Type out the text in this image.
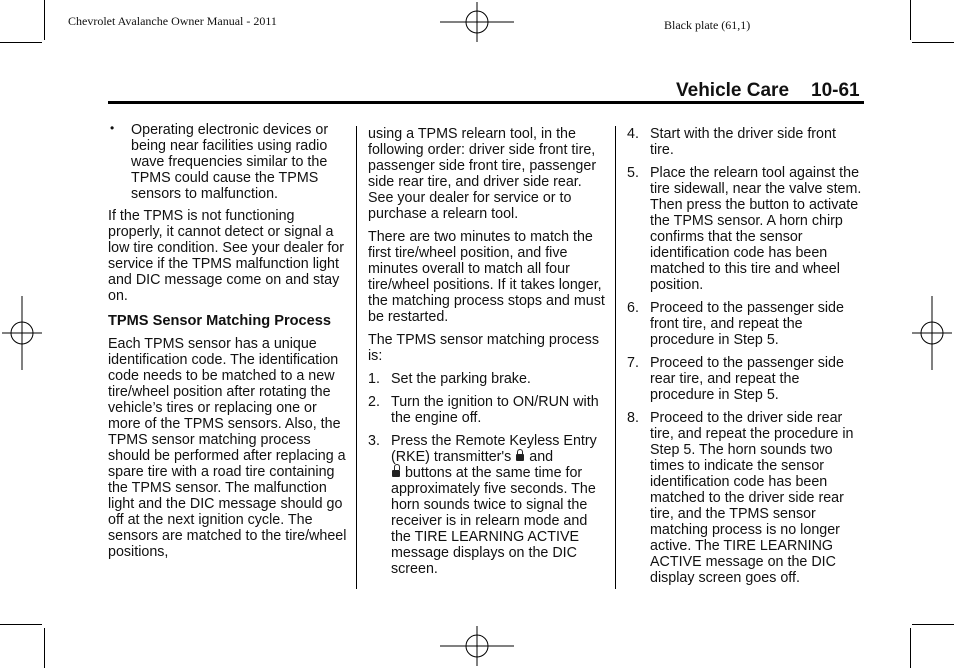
Chevrolet Avalanche Owner Manual - 2011	Black plate (61,1)
Vehicle Care 10-61
• Operating electronic devices or being near facilities using radio wave frequencies similar to the TPMS could cause the TPMS sensors to malfunction.

If the TPMS is not functioning properly, it cannot detect or signal a low tire condition. See your dealer for service if the TPMS malfunction light and DIC message come on and stay on.

TPMS Sensor Matching Process

Each TPMS sensor has a unique identification code. The identification code needs to be matched to a new tire/wheel position after rotating the vehicle’s tires or replacing one or more of the TPMS sensors. Also, the TPMS sensor matching process should be performed after replacing a spare tire with a road tire containing the TPMS sensor. The malfunction light and the DIC message should go off at the next ignition cycle. The sensors are matched to the tire/wheel positions,

using a TPMS relearn tool, in the following order: driver side front tire, passenger side front tire, passenger side rear tire, and driver side rear. See your dealer for service or to purchase a relearn tool.

There are two minutes to match the first tire/wheel position, and five minutes overall to match all four tire/wheel positions. If it takes longer, the matching process stops and must be restarted.

The TPMS sensor matching process is:

1. Set the parking brake.
2. Turn the ignition to ON/RUN with the engine off.
3. Press the Remote Keyless Entry (RKE) transmitter's and
buttons at the same time for approximately five seconds. The horn sounds twice to signal the receiver is in relearn mode and the TIRE LEARNING ACTIVE message displays on the DIC screen.
4. Start with the driver side front tire.
5. Place the relearn tool against the tire sidewall, near the valve stem. Then press the button to activate the TPMS sensor. A horn chirp confirms that the sensor identification code has been matched to this tire and wheel position.
6. Proceed to the passenger side front tire, and repeat the procedure in Step 5.
7. Proceed to the passenger side rear tire, and repeat the procedure in Step 5.
8. Proceed to the driver side rear tire, and repeat the procedure in Step 5. The horn sounds two times to indicate the sensor identification code has been matched to the driver side rear tire, and the TPMS sensor matching process is no longer active. The TIRE LEARNING ACTIVE message on the DIC display screen goes off.
